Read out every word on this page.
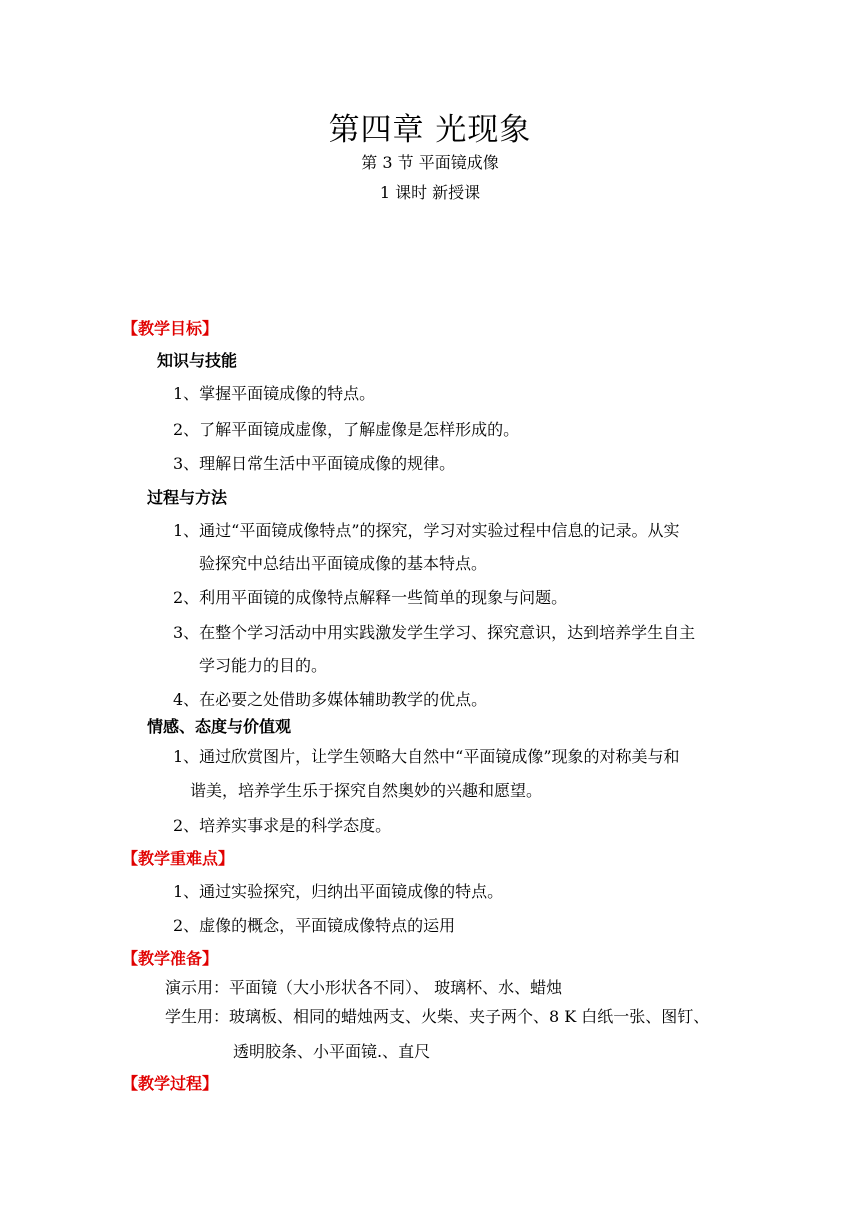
第四章 光现象
第 3 节 平面镜成像
1 课时 新授课
【教学目标】
知识与技能
1、掌握平面镜成像的特点。
2、了解平面镜成虚像，了解虚像是怎样形成的。
3、理解日常生活中平面镜成像的规律。
过程与方法
1、通过“平面镜成像特点”的探究，学习对实验过程中信息的记录。从实
验探究中总结出平面镜成像的基本特点。
2、利用平面镜的成像特点解释一些简单的现象与问题。
3、在整个学习活动中用实践激发学生学习、探究意识，达到培养学生自主
学习能力的目的。
4、在必要之处借助多媒体辅助教学的优点。
情感、态度与价值观
1、通过欣赏图片，让学生领略大自然中“平面镜成像”现象的对称美与和
谐美，培养学生乐于探究自然奥妙的兴趣和愿望。
2、培养实事求是的科学态度。
【教学重难点】
1、通过实验探究，归纳出平面镜成像的特点。
2、虚像的概念，平面镜成像特点的运用
【教学准备】
演示用：平面镜（大小形状各不同）、 玻璃杯、水、蜡烛
学生用：玻璃板、相同的蜡烛两支、火柴、夹子两个、8 K 白纸一张、图钉、
透明胶条、小平面镜.、直尺
【教学过程】
